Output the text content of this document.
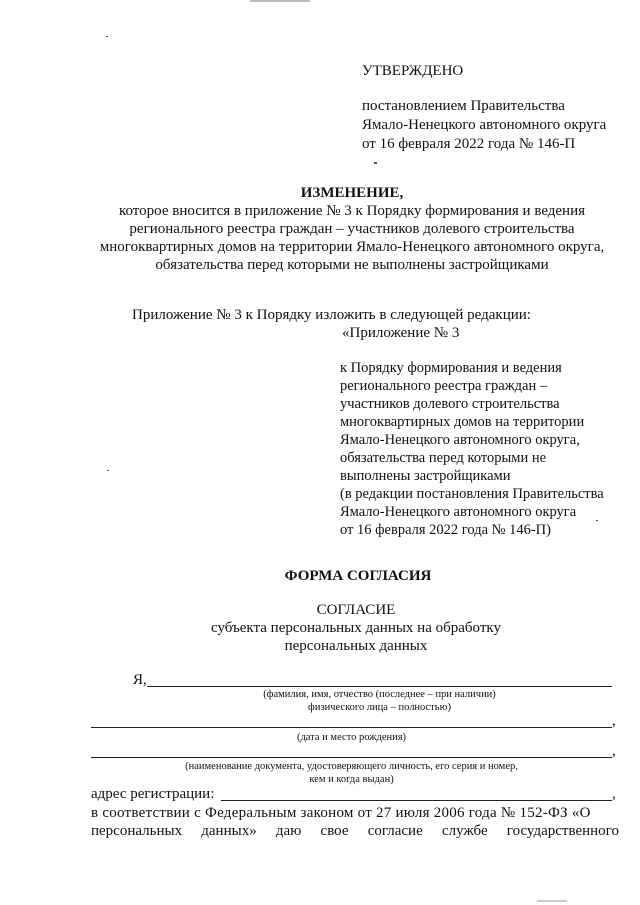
УТВЕРЖДЕНО
постановлением Правительства
Ямало-Ненецкого автономного округа
от 16 февраля 2022 года № 146-П
ИЗМЕНЕНИЕ,
которое вносится в приложение № 3 к Порядку формирования и ведения
регионального реестра граждан – участников долевого строительства
многоквартирных домов на территории Ямало-Ненецкого автономного округа,
обязательства перед которыми не выполнены застройщиками
Приложение № 3 к Порядку изложить в следующей редакции:
«Приложение № 3
к Порядку формирования и ведения
регионального реестра граждан –
участников долевого строительства
многоквартирных домов на территории
Ямало-Ненецкого автономного округа,
обязательства перед которыми не
выполнены застройщиками
(в редакции постановления Правительства
Ямало-Ненецкого автономного округа
от 16 февраля 2022 года № 146-П)
ФОРМА СОГЛАСИЯ
СОГЛАСИЕ
субъекта персональных данных на обработку
персональных данных
Я,
(фамилия, имя, отчество (последнее – при наличии)
физического лица – полностью)
,
(дата и место рождения)
,
(наименование документа, удостоверяющего личность, его серия и номер,
кем и когда выдан)
адрес регистрации:	,
в соответствии с Федеральным законом от 27 июля 2006 года № 152-ФЗ «О
персональных данных» даю свое согласие службе государственного
